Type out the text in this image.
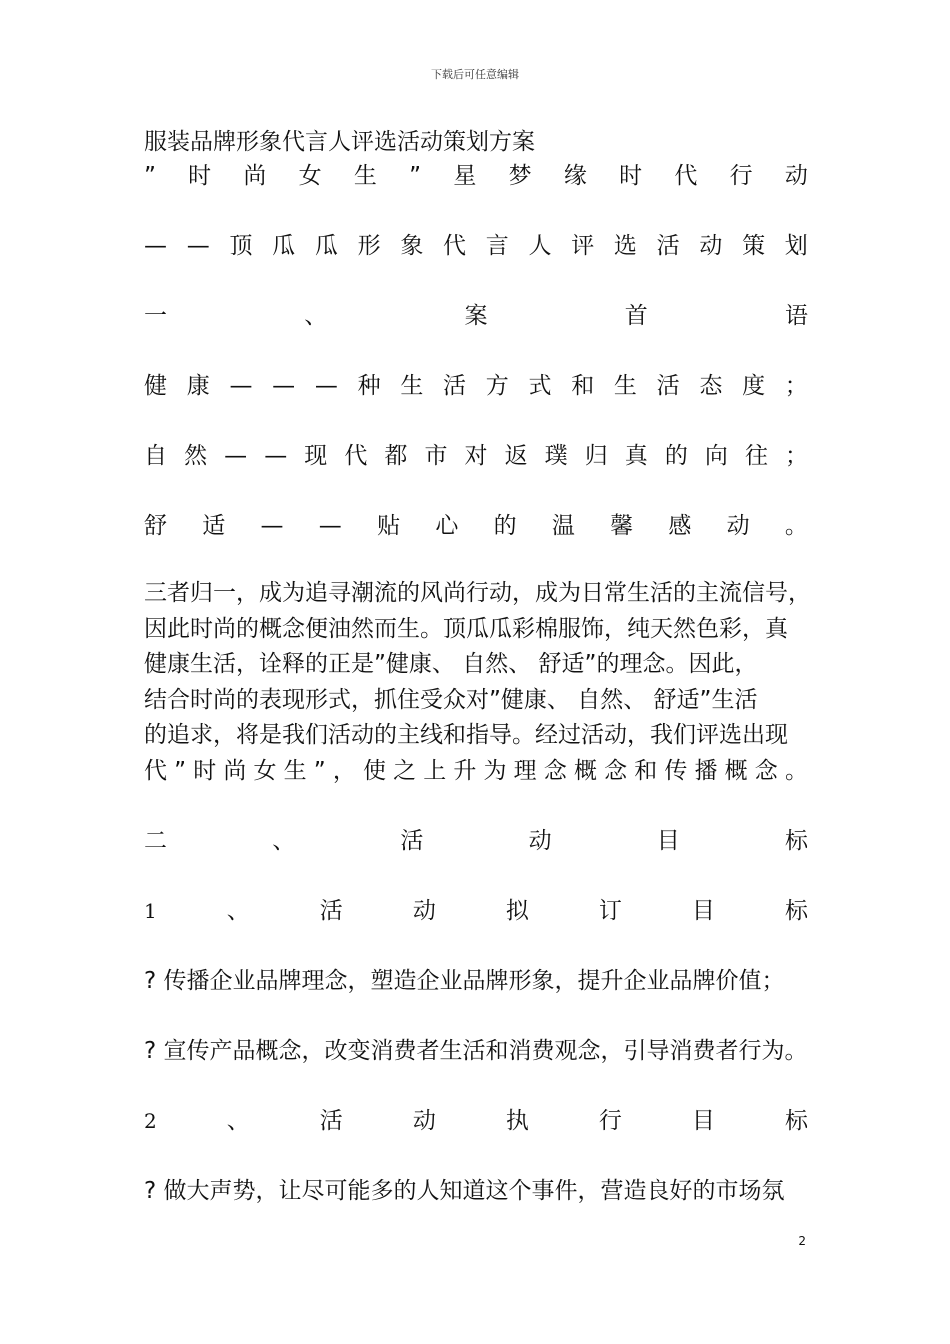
下载后可任意编辑
服装品牌形象代言人评选活动策划方案
” 时 尚 女 生 ” 星 梦 缘 时 代 行 动
— — 顶 瓜 瓜 形 象 代 言 人 评 选 活 动 策 划
一	、	案	首	语
健 康 — — — 种 生 活 方 式 和 生 活 态 度 ；
自 然 — — 现 代 都 市 对 返 璞 归 真 的 向 往 ；
舒 适 — — 贴 心 的 温 馨 感 动 。
三者归一，成为追寻潮流的风尚行动，成为日常生活的主流信号，
因此时尚的概念便油然而生。顶瓜瓜彩棉服饰，纯天然色彩，真
健康生活，诠释的正是”健康、 自然、 舒适”的理念。因此，
结合时尚的表现形式，抓住受众对”健康、 自然、 舒适”生活
的追求，将是我们活动的主线和指导。经过活动，我们评选出现
代 ” 时 尚 女 生 ” ， 使 之 上 升 为 理 念 概 念 和 传 播 概 念 。
二	、	活	动	目	标
1	、	活	动	拟	订	目	标
? 传播企业品牌理念，塑造企业品牌形象，提升企业品牌价值；
? 宣传产品概念，改变消费者生活和消费观念，引导消费者行为。
2	、	活	动	执	行	目	标
? 做大声势，让尽可能多的人知道这个事件，营造良好的市场氛
2
